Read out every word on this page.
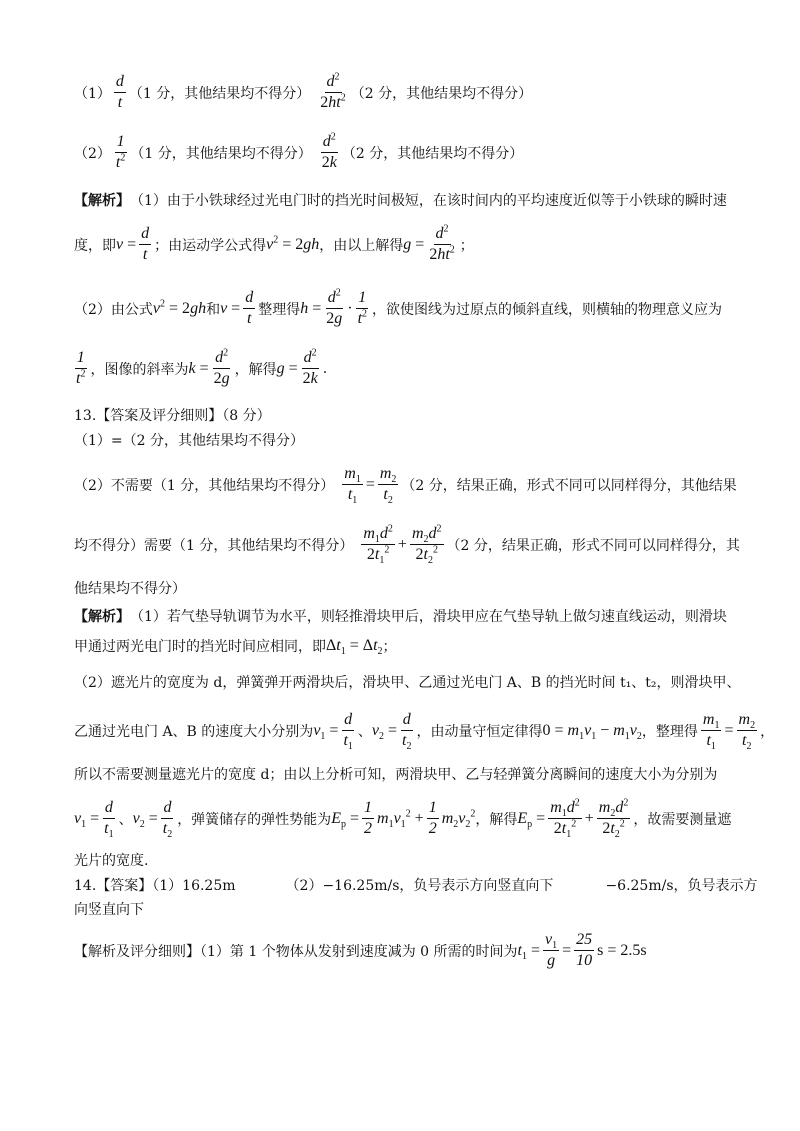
$(1) \frac{d}{t} (1$ 分，其他结果均不得分） $\frac{d^2}{2ht^2} (2$ 分，其他结果均不得分）
$(2) \frac{1}{t^2} (1$ 分，其他结果均不得分） $\frac{d^2}{2k} (2$ 分，其他结果均不得分）
【解析】 （1）由于小铁球经过光电门时的挡光时间极短，在该时间内的平均速度近似等于小铁球的瞬时速
度，即 $v = \frac{d}{t}$ ；由运动学公式得 $v^2 = 2gh$ ，由以上解得 $g = \frac{d^2}{2ht^2}$ ；
（2）由公式 $v^2 = 2gh$ 和 $v = \frac{d}{t}$ 整理得 $h = \frac{d^2}{2g} \cdot \frac{1}{t^2}$ ，欲使图线为过原点的倾斜直线，则横轴的物理意义应为
$\frac{1}{t^2}$ ，图像的斜率为 $k = \frac{d^2}{2g}$ ，解得 $g = \frac{d^2}{2k}$ .
13.【答案及评分细则】（8 分）
（1）=（2 分，其他结果均不得分）
（2）不需要（1 分，其他结果均不得分） $\frac{m_1}{t_1} = \frac{m_2}{t_2} (2$ 分，结果正确，形式不同可以同样得分，其他结果
均不得分）需要（1 分，其他结果均不得分） $\frac{m_1d^2}{2t_1^2} + \frac{m_2d^2}{2t_2^2} (2$ 分，结果正确，形式不同可以同样得分，其
他结果均不得分）
【解析】 （1）若气垫导轨调节为水平，则轻推滑块甲后，滑块甲应在气垫导轨上做匀速直线运动，则滑块
甲通过两光电门时的挡光时间应相同，即 $\Delta t_1 = \Delta t_2$ ；
（2）遮光片的宽度为 d，弹簧弹开两滑块后，滑块甲、乙通过光电门 A、B 的挡光时间 t₁、t₂，则滑块甲、
乙通过光电门 A、B 的速度大小分别为 $v_1 = \frac{d}{t_1}$ 、 $v_2 = \frac{d}{t_2}$ ，由动量守恒定律得 $0 = m_1v_1 - m_1v_2$ ，整理得 $\frac{m_1}{t_1} = \frac{m_2}{t_2}$ ，
所以不需要测量遮光片的宽度 d；由以上分析可知，两滑块甲、乙与轻弹簧分离瞬间的速度大小为分别为
$v_1 = \frac{d}{t_1}$ 、 $v_2 = \frac{d}{t_2}$ ，弹簧储存的弹性势能为 $E_p = \frac{1}{2} m_1v_1^2 + \frac{1}{2} m_2v_2^2$ ，解得 $E_p = \frac{m_1d^2}{2t_1^2} + \frac{m_2d^2}{2t_2^2}$ ，故需要测量遮
光片的宽度.
14.【答案】（1）16.25m	（2）−16.25m/s，负号表示方向竖直向下	−6.25m/s，负号表示方
向竖直向下
【解析及评分细则】（1）第 1 个物体从发射到速度减为 0 所需的时间为 $t_1 = \frac{v_1}{g} = \frac{25}{10}$ s = 2.5s
